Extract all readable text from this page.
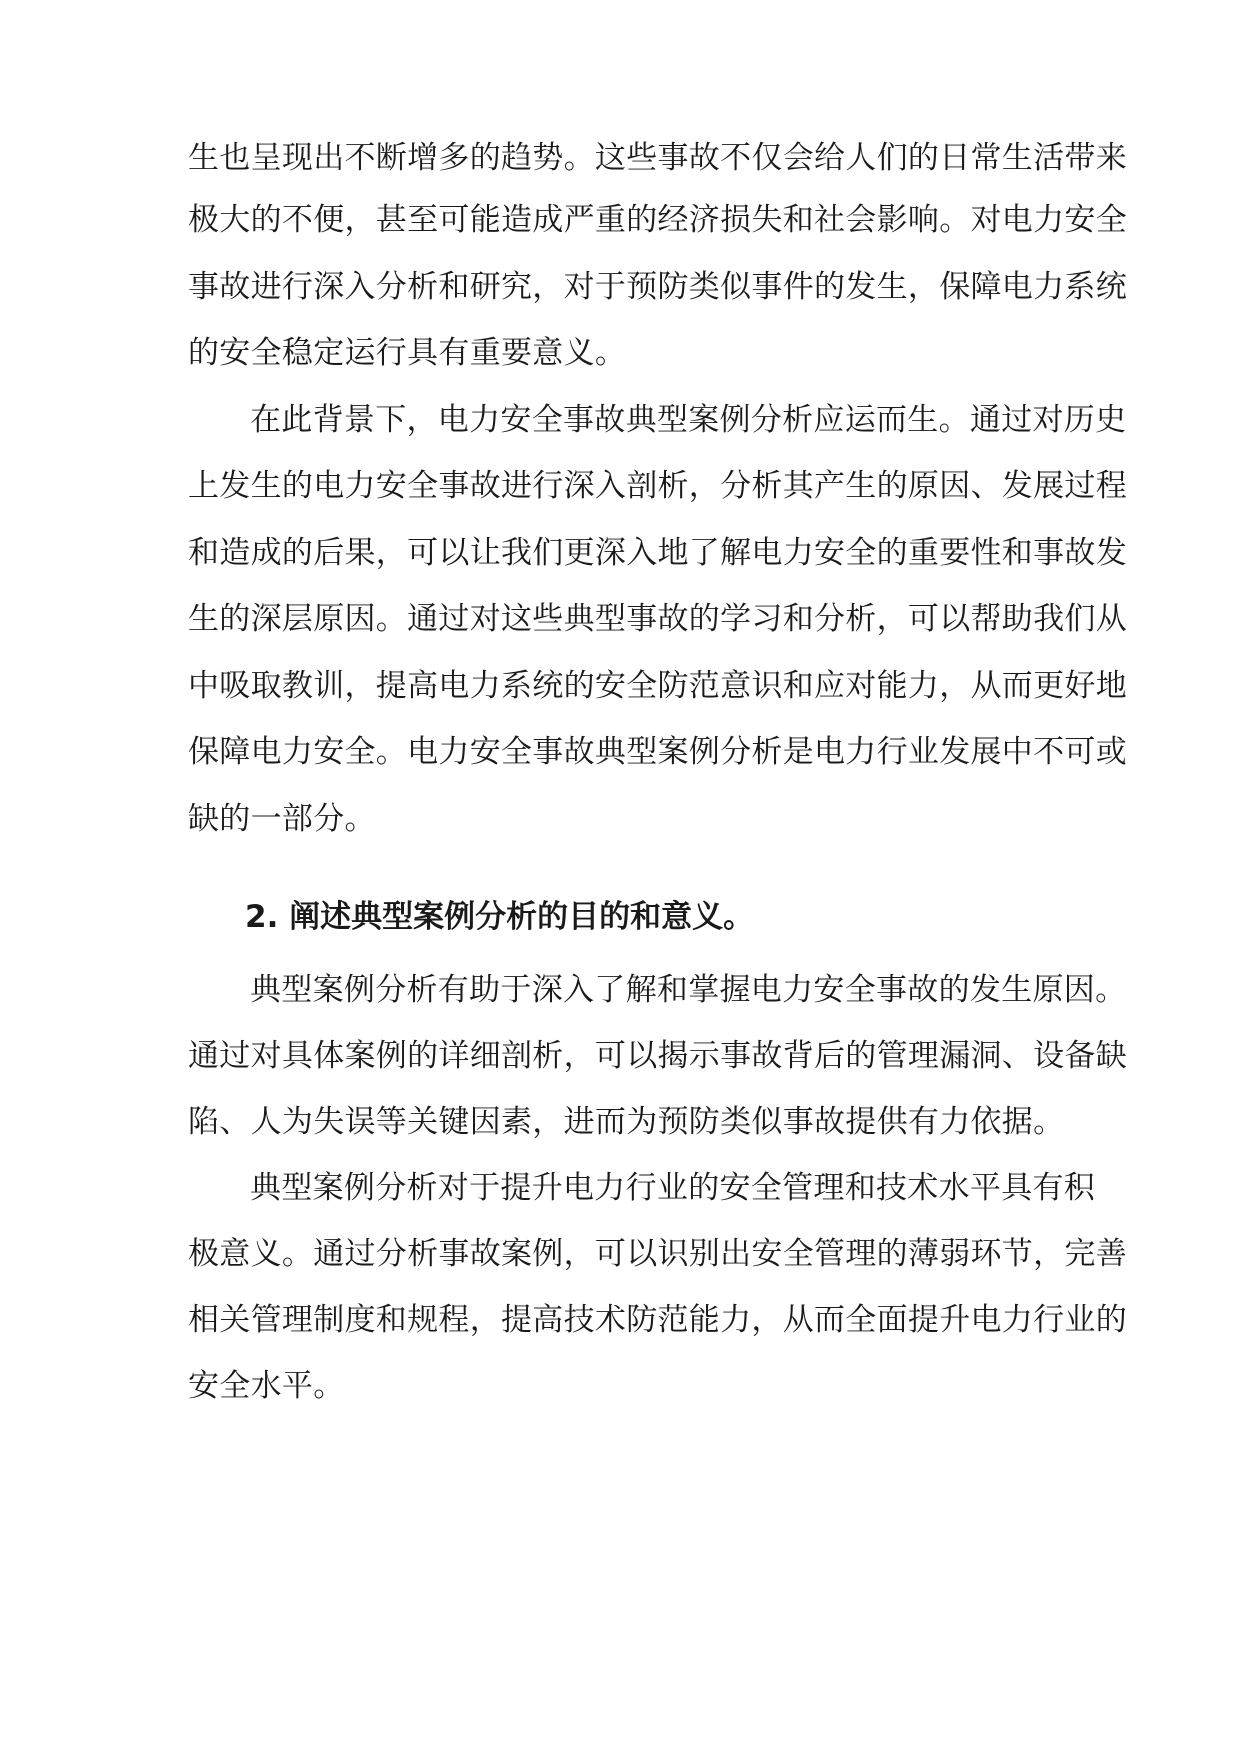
生也呈现出不断增多的趋势。这些事故不仅会给人们的日常生活带来
极大的不便，甚至可能造成严重的经济损失和社会影响。对电力安全
事故进行深入分析和研究，对于预防类似事件的发生，保障电力系统
的安全稳定运行具有重要意义。
在此背景下，电力安全事故典型案例分析应运而生。通过对历史
上发生的电力安全事故进行深入剖析，分析其产生的原因、发展过程
和造成的后果，可以让我们更深入地了解电力安全的重要性和事故发
生的深层原因。通过对这些典型事故的学习和分析，可以帮助我们从
中吸取教训，提高电力系统的安全防范意识和应对能力，从而更好地
保障电力安全。电力安全事故典型案例分析是电力行业发展中不可或
缺的一部分。
2. 阐述典型案例分析的目的和意义。
典型案例分析有助于深入了解和掌握电力安全事故的发生原因。
通过对具体案例的详细剖析，可以揭示事故背后的管理漏洞、设备缺
陷、人为失误等关键因素，进而为预防类似事故提供有力依据。
典型案例分析对于提升电力行业的安全管理和技术水平具有积
极意义。通过分析事故案例，可以识别出安全管理的薄弱环节，完善
相关管理制度和规程，提高技术防范能力，从而全面提升电力行业的
安全水平。
